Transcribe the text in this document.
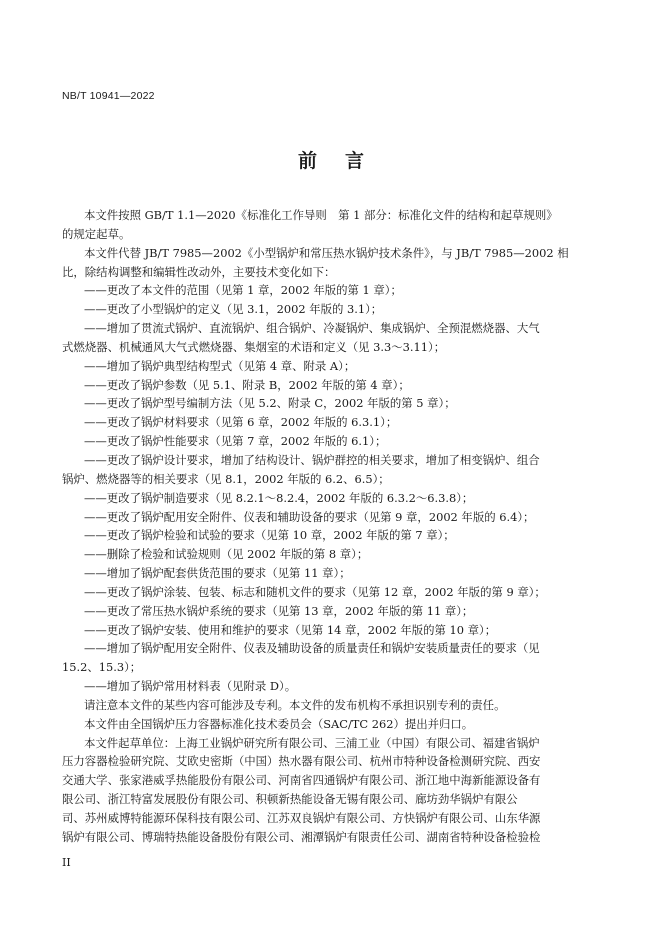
NB/T 10941—2022
前 言
本文件按照 GB/T 1.1—2020《标准化工作导则　第 1 部分：标准化文件的结构和起草规则》
的规定起草。
本文件代替 JB/T 7985—2002《小型锅炉和常压热水锅炉技术条件》，与 JB/T 7985—2002 相
比，除结构调整和编辑性改动外，主要技术变化如下：
——更改了本文件的范围（见第 1 章，2002 年版的第 1 章）；
——更改了小型锅炉的定义（见 3.1，2002 年版的 3.1）；
——增加了贯流式锅炉、直流锅炉、组合锅炉、冷凝锅炉、集成锅炉、全预混燃烧器、大气
式燃烧器、机械通风大气式燃烧器、集烟室的术语和定义（见 3.3～3.11）；
——增加了锅炉典型结构型式（见第 4 章、附录 A）；
——更改了锅炉参数（见 5.1、附录 B，2002 年版的第 4 章）；
——更改了锅炉型号编制方法（见 5.2、附录 C，2002 年版的第 5 章）；
——更改了锅炉材料要求（见第 6 章，2002 年版的 6.3.1）；
——更改了锅炉性能要求（见第 7 章，2002 年版的 6.1）；
——更改了锅炉设计要求，增加了结构设计、锅炉群控的相关要求，增加了相变锅炉、组合
锅炉、燃烧器等的相关要求（见 8.1，2002 年版的 6.2、6.5）；
——更改了锅炉制造要求（见 8.2.1～8.2.4，2002 年版的 6.3.2～6.3.8）；
——更改了锅炉配用安全附件、仪表和辅助设备的要求（见第 9 章，2002 年版的 6.4）；
——更改了锅炉检验和试验的要求（见第 10 章，2002 年版的第 7 章）；
——删除了检验和试验规则（见 2002 年版的第 8 章）；
——增加了锅炉配套供货范围的要求（见第 11 章）；
——更改了锅炉涂装、包装、标志和随机文件的要求（见第 12 章，2002 年版的第 9 章）；
——更改了常压热水锅炉系统的要求（见第 13 章，2002 年版的第 11 章）；
——更改了锅炉安装、使用和维护的要求（见第 14 章，2002 年版的第 10 章）；
——增加了锅炉配用安全附件、仪表及辅助设备的质量责任和锅炉安装质量责任的要求（见
15.2、15.3）；
——增加了锅炉常用材料表（见附录 D）。
请注意本文件的某些内容可能涉及专利。本文件的发布机构不承担识别专利的责任。
本文件由全国锅炉压力容器标准化技术委员会（SAC/TC 262）提出并归口。
本文件起草单位：上海工业锅炉研究所有限公司、三浦工业（中国）有限公司、福建省锅炉
压力容器检验研究院、艾欧史密斯（中国）热水器有限公司、杭州市特种设备检测研究院、西安
交通大学、张家港威孚热能股份有限公司、河南省四通锅炉有限公司、浙江地中海新能源设备有
限公司、浙江特富发展股份有限公司、积顿新热能设备无锡有限公司、廊坊劲华锅炉有限公
司、苏州威博特能源环保科技有限公司、江苏双良锅炉有限公司、方快锅炉有限公司、山东华源
锅炉有限公司、博瑞特热能设备股份有限公司、湘潭锅炉有限责任公司、湖南省特种设备检验检
II
